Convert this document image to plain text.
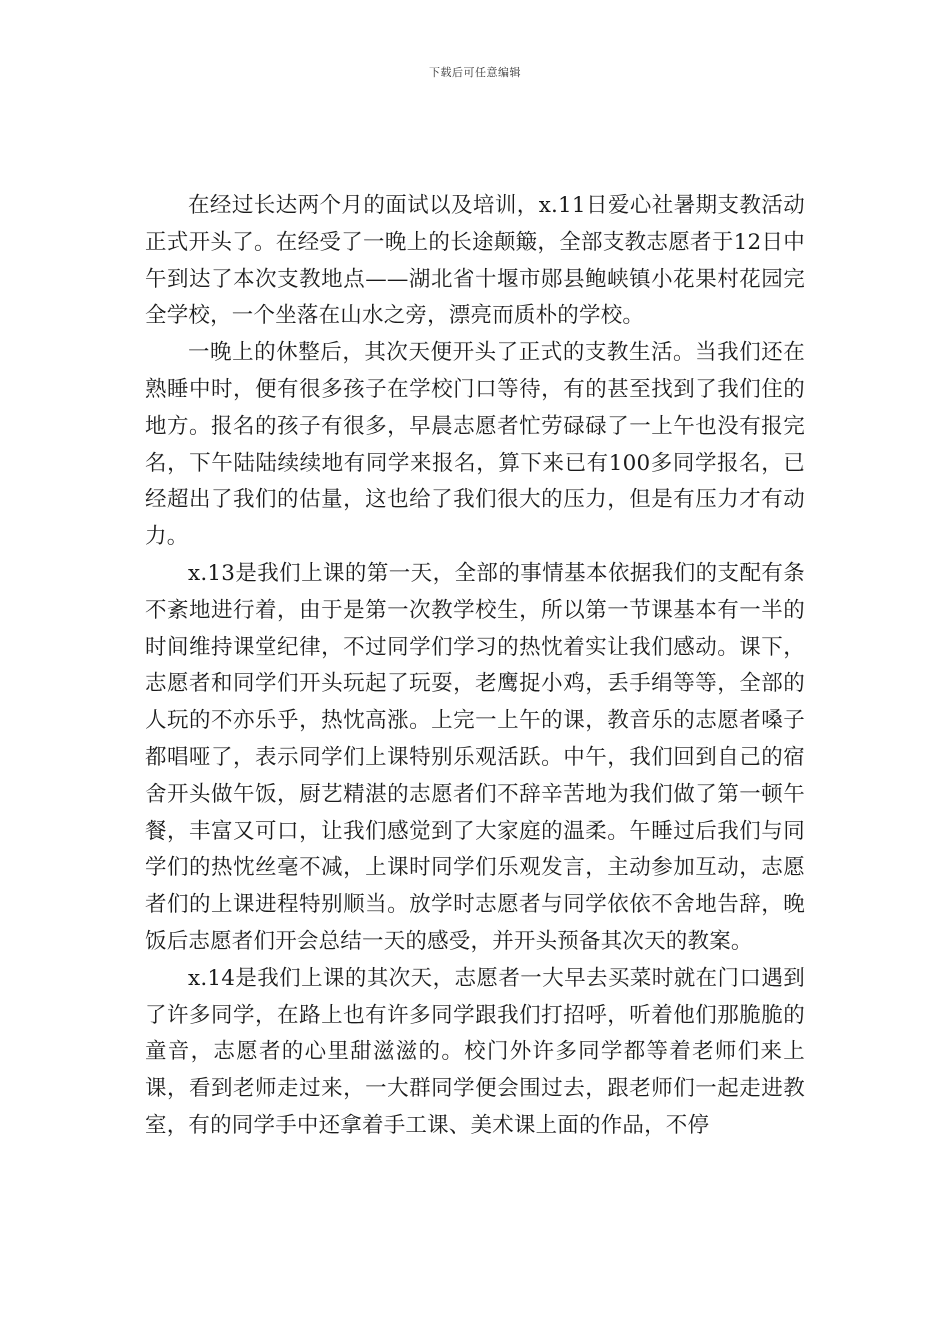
下载后可任意编辑

在经过长达两个月的面试以及培训，x.11日爱心社暑期支教活动正式开头了。在经受了一晚上的长途颠簸，全部支教志愿者于12日中午到达了本次支教地点——湖北省十堰市郧县鲍峡镇小花果村花园完全学校，一个坐落在山水之旁，漂亮而质朴的学校。

一晚上的休整后，其次天便开头了正式的支教生活。当我们还在熟睡中时，便有很多孩子在学校门口等待，有的甚至找到了我们住的地方。报名的孩子有很多，早晨志愿者忙劳碌碌了一上午也没有报完名，下午陆陆续续地有同学来报名，算下来已有100多同学报名，已经超出了我们的估量，这也给了我们很大的压力，但是有压力才有动力。

x.13是我们上课的第一天，全部的事情基本依据我们的支配有条不紊地进行着，由于是第一次教学校生，所以第一节课基本有一半的时间维持课堂纪律，不过同学们学习的热忱着实让我们感动。课下，志愿者和同学们开头玩起了玩耍，老鹰捉小鸡，丢手绢等等，全部的人玩的不亦乐乎，热忱高涨。上完一上午的课，教音乐的志愿者嗓子都唱哑了，表示同学们上课特别乐观活跃。中午，我们回到自己的宿舍开头做午饭，厨艺精湛的志愿者们不辞辛苦地为我们做了第一顿午餐，丰富又可口，让我们感觉到了大家庭的温柔。午睡过后我们与同学们的热忱丝毫不减，上课时同学们乐观发言，主动参加互动，志愿者们的上课进程特别顺当。放学时志愿者与同学依依不舍地告辞，晚饭后志愿者们开会总结一天的感受，并开头预备其次天的教案。

x.14是我们上课的其次天，志愿者一大早去买菜时就在门口遇到了许多同学，在路上也有许多同学跟我们打招呼，听着他们那脆脆的童音，志愿者的心里甜滋滋的。校门外许多同学都等着老师们来上课，看到老师走过来，一大群同学便会围过去，跟老师们一起走进教室，有的同学手中还拿着手工课、美术课上面的作品，不停
